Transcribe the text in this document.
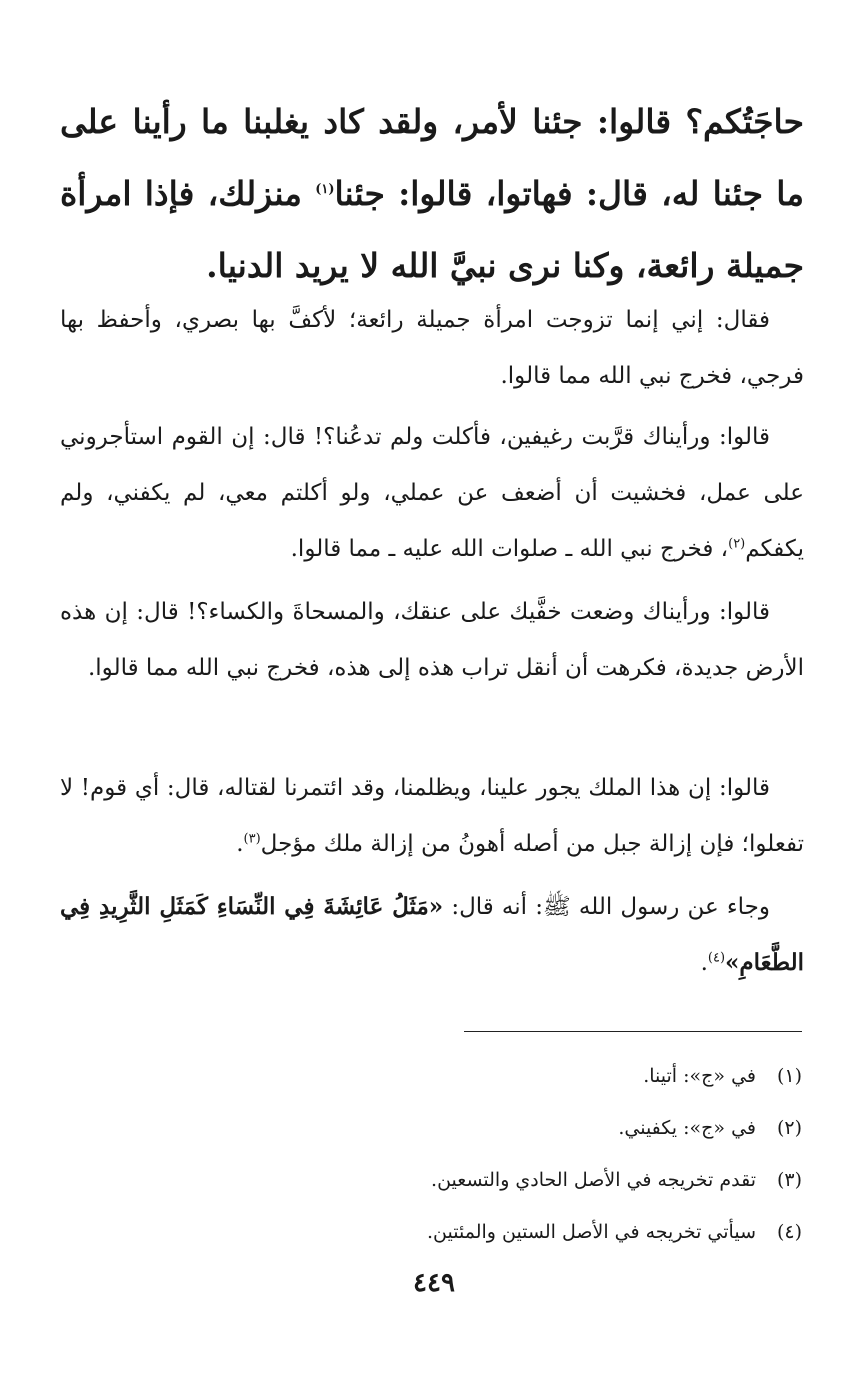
حاجَتُكم؟ قالوا: جئنا لأمر، ولقد كاد يغلبنا ما رأينا على ما جئنا له، قال: فهاتوا، قالوا: جئنا$^{(١)}$ منزلك، فإذا امرأة جميلة رائعة، وكنا نرى نبيَّ الله لا يريد الدنيا.
فقال: إني إنما تزوجت امرأة جميلة رائعة؛ لأكفَّ بها بصري، وأحفظ بها فرجي، فخرج نبي الله مما قالوا.
قالوا: ورأيناك قرَّبت رغيفين، فأكلت ولم تدعُنا؟! قال: إن القوم استأجروني على عمل، فخشيت أن أضعف عن عملي، ولو أكلتم معي، لم يكفني، ولم يكفكم$^{(٢)}$، فخرج نبي الله ـ صلوات الله عليه ـ مما قالوا.
قالوا: ورأيناك وضعت خفَّيك على عنقك، والمسحاةَ والكساء؟! قال: إن هذه الأرض جديدة، فكرهت أن أنقل تراب هذه إلى هذه، فخرج نبي الله مما قالوا.
قالوا: إن هذا الملك يجور علينا، ويظلمنا، وقد ائتمرنا لقتاله، قال: أي قوم! لا تفعلوا؛ فإن إزالة جبل من أصله أهونُ من إزالة ملك مؤجل$^{(٣)}$.
وجاء عن رسول الله ﷺ: أنه قال: «مَثَلُ عَائِشَةَ فِي النِّسَاءِ كَمَثَلِ الثَّرِيدِ فِي الطَّعَامِ»$^{(٤)}$.
(١)في «ج»: أتينا.
(٢)في «ج»: يكفيني.
(٣)تقدم تخريجه في الأصل الحادي والتسعين.
(٤)سيأتي تخريجه في الأصل الستين والمئتين.
٤٤٩
